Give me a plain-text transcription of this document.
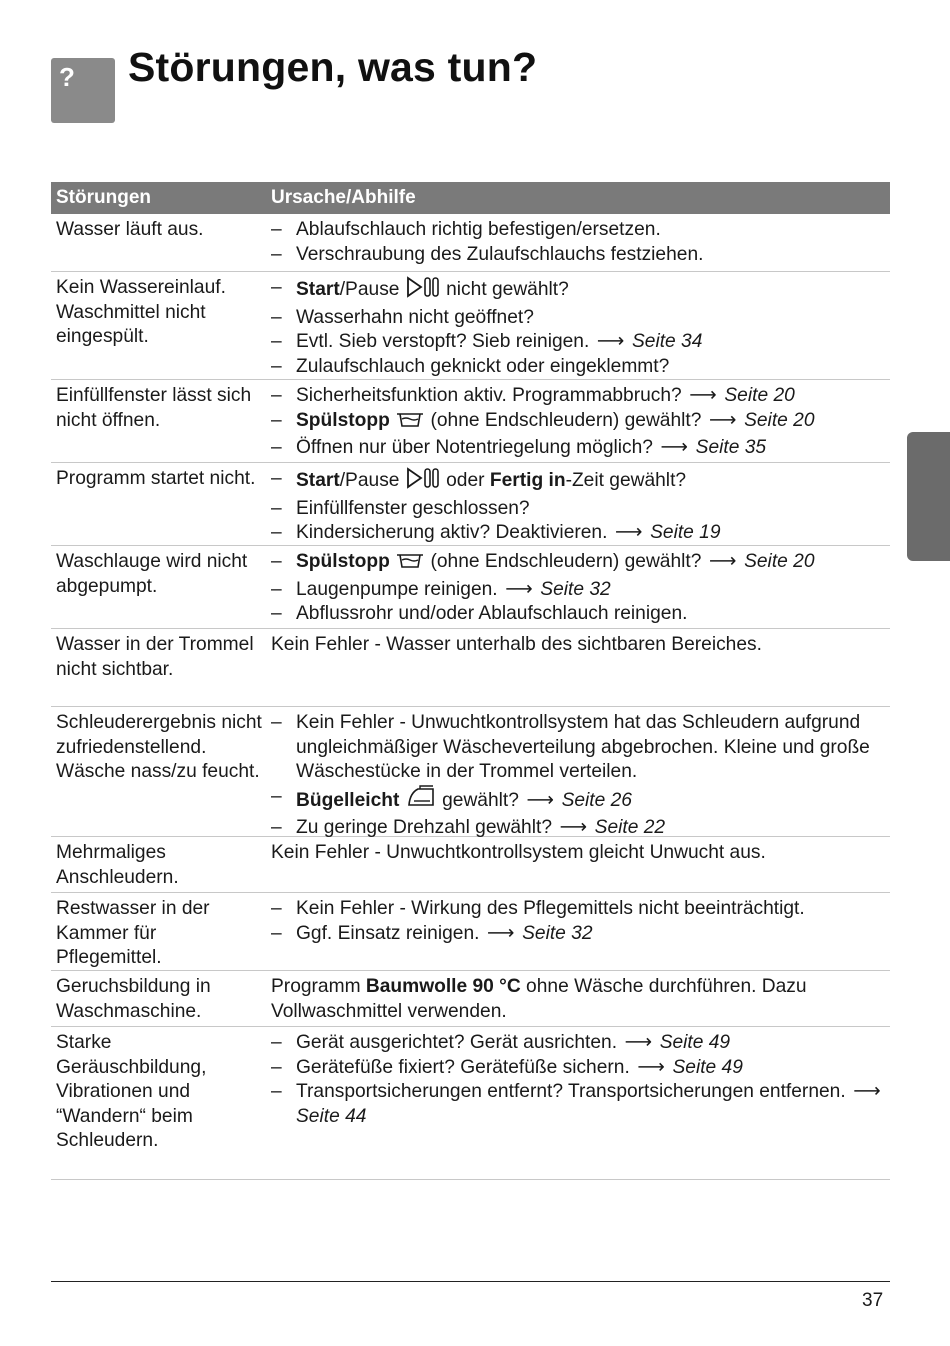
? Störungen, was tun?
Störungen	Ursache/Abhilfe
Wasser läuft aus.	– Ablaufschlauch richtig befestigen/ersetzen.
– Verschraubung des Zulaufschlauchs festziehen.
Kein Wassereinlauf. Waschmittel nicht eingespült.
– Start/Pause  nicht gewählt?
– Wasserhahn nicht geöffnet?
– Evtl. Sieb verstopft? Sieb reinigen. ⟶ Seite 34
– Zulaufschlauch geknickt oder eingeklemmt?
Einfüllfenster lässt sich nicht öffnen.
– Sicherheitsfunktion aktiv. Programmabbruch? ⟶ Seite 20
– Spülstopp  (ohne Endschleudern) gewählt? ⟶ Seite 20
– Öffnen nur über Notentriegelung möglich? ⟶ Seite 35
Programm startet nicht. – Start/Pause  oder Fertig in-Zeit gewählt?
– Einfüllfenster geschlossen?
– Kindersicherung aktiv? Deaktivieren. ⟶ Seite 19
Waschlauge wird nicht abgepumpt.
– Spülstopp  (ohne Endschleudern) gewählt? ⟶ Seite 20
– Laugenpumpe reinigen. ⟶ Seite 32
– Abflussrohr und/oder Ablaufschlauch reinigen.
Wasser in der Trommel nicht sichtbar.
Kein Fehler - Wasser unterhalb des sichtbaren Bereiches.
Schleuderergebnis nicht zufriedenstellend. Wäsche nass/zu feucht.
– Kein Fehler - Unwuchtkontrollsystem hat das Schleudern aufgrund ungleichmäßiger Wäscheverteilung abgebrochen. Kleine und große Wäschestücke in der Trommel verteilen.
– Bügelleicht  gewählt? ⟶ Seite 26
– Zu geringe Drehzahl gewählt? ⟶ Seite 22
Mehrmaliges Anschleudern.
Kein Fehler - Unwuchtkontrollsystem gleicht Unwucht aus.
Restwasser in der Kammer für Pflegemittel.
– Kein Fehler - Wirkung des Pflegemittels nicht beeinträchtigt.
– Ggf. Einsatz reinigen. ⟶ Seite 32
Geruchsbildung in Waschmaschine.
Programm Baumwolle 90 °C ohne Wäsche durchführen. Dazu Vollwaschmittel verwenden.
Starke Geräuschbildung, Vibrationen und “Wandern“ beim Schleudern.
– Gerät ausgerichtet? Gerät ausrichten. ⟶ Seite 49
– Gerätefüße fixiert? Gerätefüße sichern. ⟶ Seite 49
– Transportsicherungen entfernt? Transportsicherungen entfernen. ⟶ Seite 44
37
